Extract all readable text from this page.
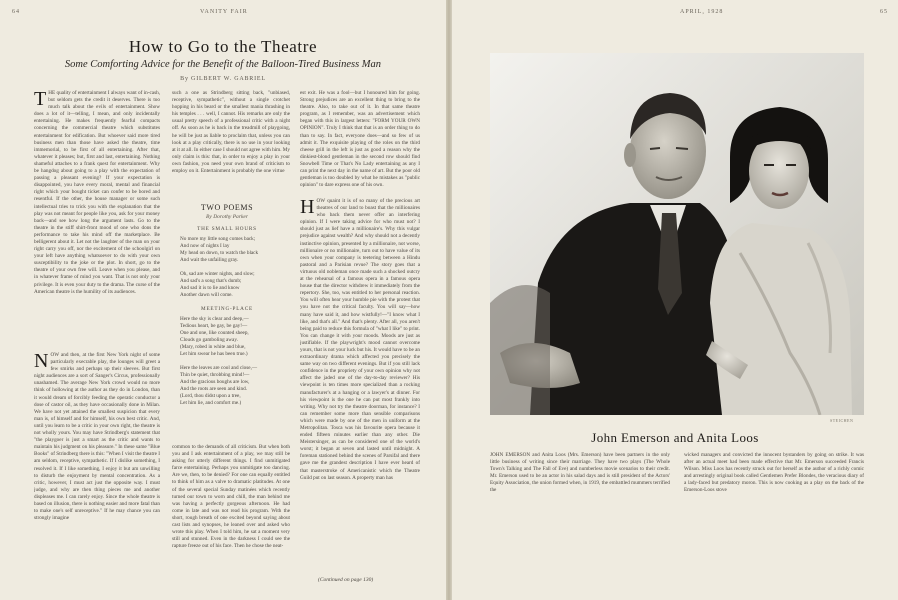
64	VANITY FAIR
How to Go to the Theatre
Some Comforting Advice for the Benefit of the Balloon-Tired Business Man
By GILBERT W. GABRIEL
T HE quality of entertainment I always want of in-cash, but seldom gets the credit it deserves. There is too much talk about the evils of entertainment. Show does a lot of it—telling, I mean, and only incidentally entertaining. He makes frequently fearful compacts concerning the commercial theatre which substitutes entertainment for edification. But whoever said more tired business men than those have asked the theatre, time immemorial, to be first of all entertaining. After that, whatever it pleases; but, first and last, entertaining. Nothing shameful attaches to a frank quest for entertainment. Why be hangdog about going to a play with the expectation of passing a pleasant evening? If your expectation is disappointed, you have every moral, mental and financial right which your bought ticket can confer to be bored and resentful. If the other, the house manager or some such intellectual tries to trick you with the explanation that the play was not meant for people like you, ask for your money back—and see how long the argument lasts. Go to the theatre in the stiff shirt-front mood of one who dons the performance to take his mind off the marketplace. Be belligerent about it. Let not the laughter of the man on your right carry you off, nor the excitement of the schoolgirl on your left have anything whatsoever to do with your own susceptibility to the joke or the plot. In short, go to the theatre of your own free will. Leave when you please, and in whatever frame of mind you want. That is not only your privilege. It is even your duty to the drama. The curse of the American theatre is the humility of its audiences.
N OW and then, at the first New York night of some particularly execrable play, the lounges will greet a few smirks and perhaps up their sleeves. But first night audiences are a sort of Sanger's Circus, professionally unashamed. The average New York crowd would no more think of hollowing at the author as they do in London, than it would dream of forcibly feeding the operatic conductor a dose of castor oil, as they have occasionally done in Milan. We have not yet attained the smallest suspicion that every man is, of himself and for himself, his own best critic. And, until you learn to be a critic in your own right, the theatre is not wholly yours. You may have Strindberg's statement that "the playgoer is just a smart as the critic and wants to maintain his judgment on his pleasure." In these same "Blue Books" of Strindberg there is this: "When I visit the theatre I am seldom, receptive, sympathetic. If I dislike something, I resolved it. If I like something, I enjoy it but am unwilling to disturb the enjoyment by mental concentration. As a critic, however, I must act just the opposite way. I must judge, and why are then thing pieces me and another displeases me. I can rarely enjoy. Since the whole theatre is based on illusion, there is nothing easier and more fatal than to make one's self unreceptive." If he may chance you can strongly imagine
such a one as Strindberg sitting back, "unbiased, receptive, sympathetic", without a single crotchet hopping in his beard or the smallest mania thrashing in his temples . . . well, I cannot. His remarks are only the usual pretty speech of a professional critic with a night off. As soon as he is back in the treadmill of playgoing, he will be just as liable to proclaim that, unless you can look at a play critically, there is no use in your looking at it at all. In either case I should not agree with him. My only claim is this: that, in order to enjoy a play in your own fashion, you need your own brand of criticism to employ on it. Entertainment is probably the one virtue
TWO POEMS
By Dorothy Parker
THE SMALL HOURS
No more my little song comes back;
And now of nights I lay
My head on down, to watch the black
And wait the unfailing gray.

Oh, sad are winter nights, and slow;
And sad's a song that's dumb;
And sad it is to lie and know
Another dawn will come.
MEETING-PLACE
Here the sky is clear and deep,—
Tedious heart, be gay, be gay!—
One and one, like counted sheep,
Clouds go gamboling away.
(Mary, robed in white and blue,
Let him swear he has been true.)

Here the leaves are cool and close,—
Thin be quiet, throbbing mind!—
And the gracious boughs are low,
And the roots are seen and kind.
(Lord, thou didst upon a tree,
Let him lie, and comfort me.)
common to the demands of all criticism. But when both you and I ask entertainment of a play, we may still be asking for utterly different things. I find unmitigated farce entertaining. Perhaps you unmitigate too dancing. Are we, then, to be denied? For one can equally entitled to think of him as a valve to dramatic platitudes. At one of the several special Sunday matinées which recently turned our town to worn and chill, the man behind me was having a perfectly gorgeous afternoon. He had come in late and was not read his program. With the short, rough breath of one excited beyond saying about cast lists and synopses, he leaned over and asked who wrote this play. When I told him, he sat a moment very still and stunned. Even in the darkness I could see the rapture freeze out of his face. Then he chose the neat-
est exit. He was a fool—but I honoured him for going. Strong prejudices are an excellent thing to bring to the theatre. Also, to take out of it. In that same theatre program, as I remember, was an advertisement which began with this in largest letters: "FORM YOUR OWN OPINION". Truly I think that that is an order thing to do than to say. In fact, everyone does—and so few of us admit it. The exquisite playing of the roles on the third cheese grill in the left is just as good a reason why the dinkiest-blond gentleman in the second row should find Snowbell Time or That's No Lady entertaining as any I can print the next day in the name of art. But the poor old gentleman is too doubled by what he mistakes as "public opinion" to dare express one of his own.
H OW quaint it is of so many of the precious art theatres of our land to boast that the millionaires who back them never offer an interfering opinion. If I were taking advice for who must not? I should just as lief have a millionaire's. Why this vulgar prejudice against wealth? And why should not a decently instinctive opinion, presented by a millionaire, not worse, millionaire or no millionaire, turn out to have value of its own when your company is teetering between a Hindu pastoral and a Parisian revue? The story goes that a virtuous old nobleman once made such a shocked outcry at the rehearsal of a famous opera in a famous opera house that the director withdrew it immediately from the repertory. She, too, was entitled to her personal reaction. You will often hear your humble pie with the protest that you have not the critical faculty. You will say—how many have said it, and how wistfully!—"I know what I like, and that's all." And that's plenty. After all, you aren't being paid to reduce this formula of "what I like" to print. You can change it with your moods. Moods are just as justifiable. If the playwright's mood cannot overcome yours, that is not your luck but his. It would have to be an extraordinary drama which affected you precisely the same way on two different evenings. But if you still lack confidence in the propriety of your own opinion why not affect the jaded one of the day-to-day reviewer? His viewpoint is ten times more specialized than a rocking manufacturer's at a hanging or a lawyer's at dinner. For his viewpoint is the one he can put most frankly into writing. Why not try the theatre doorman, for instance? I can remember some more than sensible comparisons which were made by one of the men in uniform at the Metropolitan. Tosca was his favourite opera because it ended fifteen minutes earlier than any other. Die Meistersinger, as can be considered one of the world's worst; it began at seven and lasted until midnight. A foreman stationed behind the scenes of Parsifal and there gave me the grandest description I have ever heard of that masterstroke of Americanistic which the Theatre Guild put on last season. A property man has
(Continued on page 130)
APRIL, 1928	65
STEICHEN
John Emerson and Anita Loos
JOHN EMERSON and Anita Loos (Mrs. Emerson) have been partners in the only little business of writing since their marriage. They have two plays (The Whole Town's Talking and The Fall of Eve) and numberless movie scenarios to their credit. Mr. Emerson used to be an actor in his salad days and is still president of the Actors' Equity Association, the union formed when, in 1919, the embattled mummers terrified the
wicked managers and convicted the innocent bystanders by going on strike. It was after an actual meet had been made effective that Mr. Emerson succeeded Francis Wilson. Miss Loos has recently struck out for herself as the author of a richly comic and arrestingly original book called Gentlemen Prefer Blondes, the veracious diary of a lady-faced but predatory moron. This is now cooking as a play on the back of the Emerson-Loos stove
